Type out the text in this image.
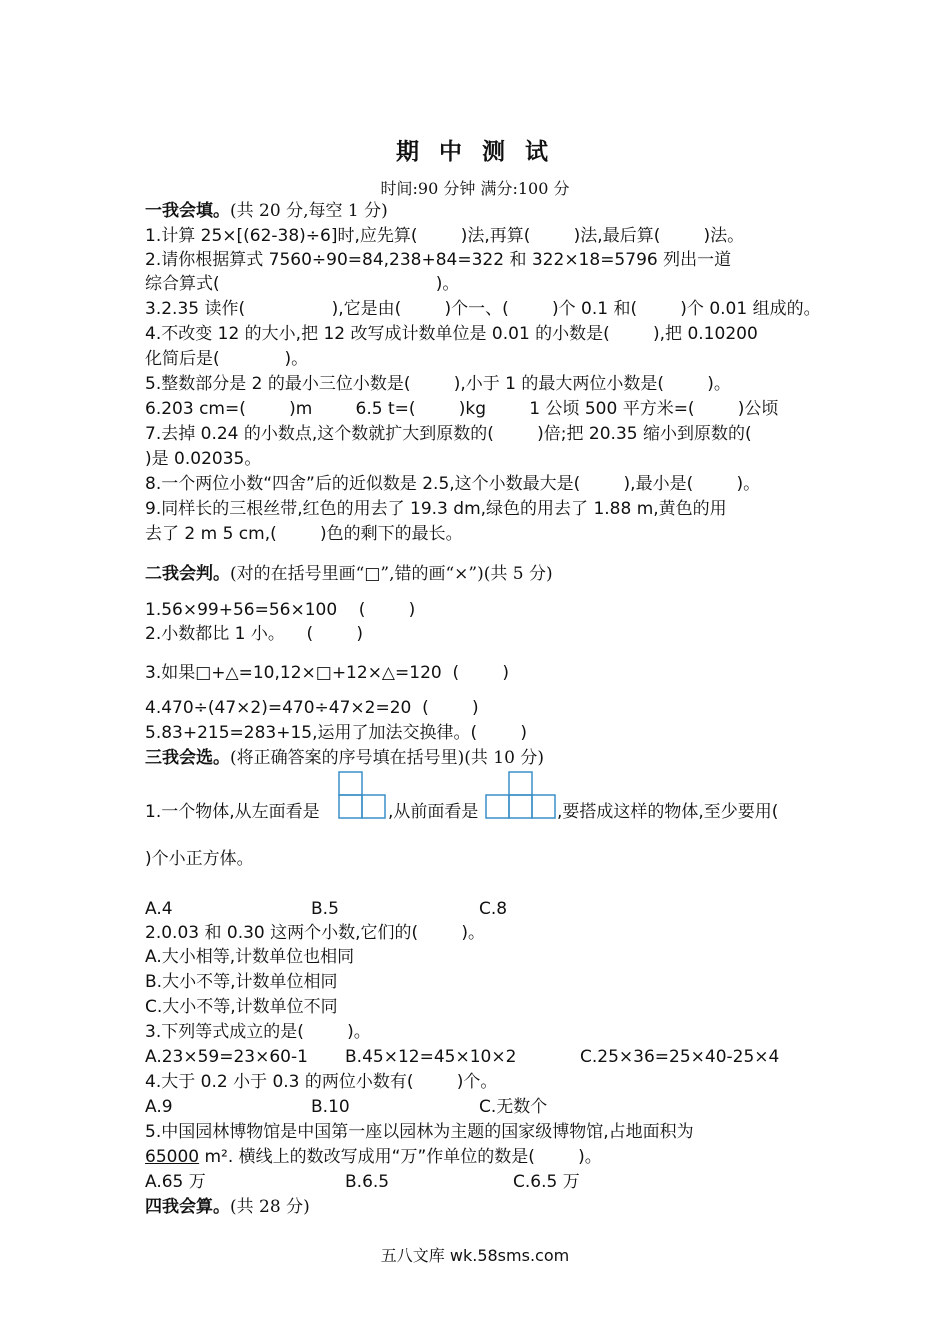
期 中 测 试
时间:90 分钟 满分:100 分
一我会填。(共 20 分,每空 1 分)
1.计算 25×[(62-38)÷6]时,应先算(        )法,再算(        )法,最后算(        )法。
2.请你根据算式 7560÷90=84,238+84=322 和 322×18=5796 列出一道
综合算式(                                        )。
3.2.35 读作(                ),它是由(        )个一、(        )个 0.1 和(        )个 0.01 组成的。
4.不改变 12 的大小,把 12 改写成计数单位是 0.01 的小数是(        ),把 0.10200
化简后是(            )。
5.整数部分是 2 的最小三位小数是(        ),小于 1 的最大两位小数是(        )。
6.203 cm=(        )m        6.5 t=(        )kg        1 公顷 500 平方米=(        )公顷
7.去掉 0.24 的小数点,这个数就扩大到原数的(        )倍;把 20.35 缩小到原数的(
)是 0.02035。
8.一个两位小数“四舍”后的近似数是 2.5,这个小数最大是(        ),最小是(        )。
9.同样长的三根丝带,红色的用去了 19.3 dm,绿色的用去了 1.88 m,黄色的用
去了 2 m 5 cm,(        )色的剩下的最长。
二我会判。(对的在括号里画“□”,错的画“×”)(共 5 分)
1.56×99+56=56×100    (        )
2.小数都比 1 小。    (        )
3.如果□+△=10,12×□+12×△=120  (        )
4.470÷(47×2)=470÷47×2=20  (        )
5.83+215=283+15,运用了加法交换律。(        )
三我会选。(将正确答案的序号填在括号里)(共 10 分)
1.一个物体,从左面看是	,从前面看是	,要搭成这样的物体,至少要用(
)个小正方体。
A.4	B.5	C.8
2.0.03 和 0.30 这两个小数,它们的(        )。
A.大小相等,计数单位也相同
B.大小不等,计数单位相同
C.大小不等,计数单位不同
3.下列等式成立的是(        )。
A.23×59=23×60-1 B.45×12=45×10×2	C.25×36=25×40-25×4
4.大于 0.2 小于 0.3 的两位小数有(        )个。
A.9	B.10	C.无数个
5.中国园林博物馆是中国第一座以园林为主题的国家级博物馆,占地面积为
65000 m². 横线上的数改写成用“万”作单位的数是(        )。
A.65 万	B.6.5	C.6.5 万
四我会算。(共 28 分)
五八文库 wk.58sms.com
